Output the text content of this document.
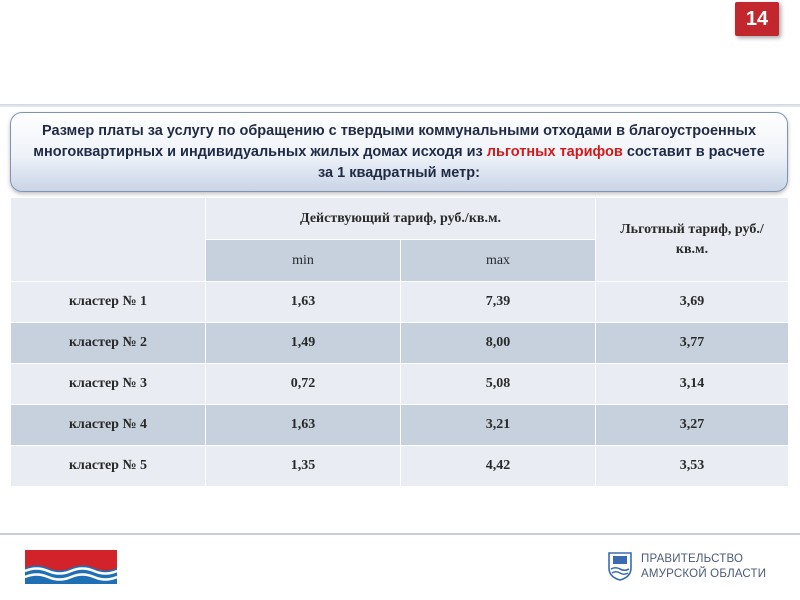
14
Размер платы за услугу по обращению с твердыми коммунальными отходами в благоустроенных многоквартирных и индивидуальных жилых домах исходя из льготных тарифов составит в расчете за 1 квадратный метр:
	Действующий тариф, руб./кв.м.		Льготный тариф, руб./кв.м.
	min	max	
кластер № 1	1,63	7,39	3,69
кластер № 2	1,49	8,00	3,77
кластер № 3	0,72	5,08	3,14
кластер № 4	1,63	3,21	3,27
кластер № 5	1,35	4,42	3,53
ПРАВИТЕЛЬСТВО
АМУРСКОЙ ОБЛАСТИ
